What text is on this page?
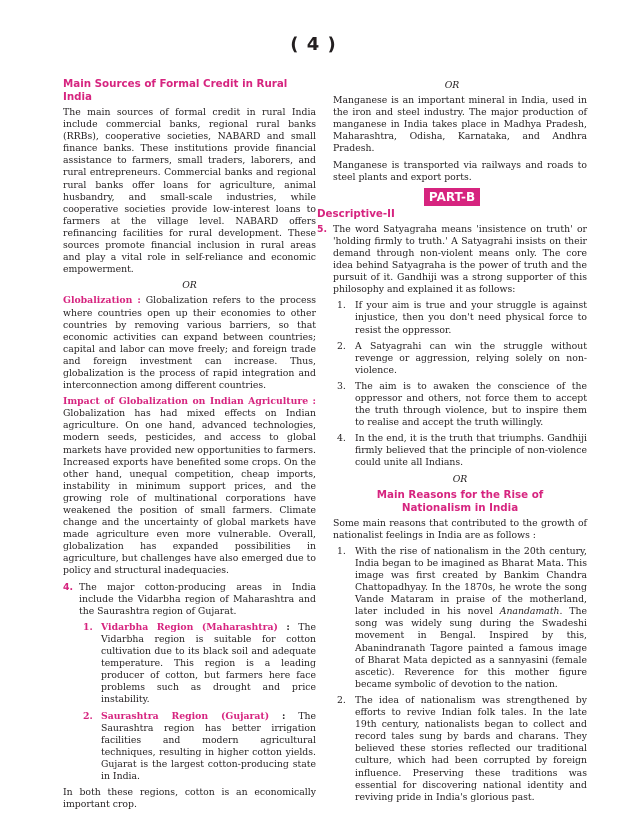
( 4 )
Main Sources of Formal Credit in Rural India

The main sources of formal credit in rural India include commercial banks, regional rural banks (RRBs), cooperative societies, NABARD and small finance banks. These institutions provide financial assistance to farmers, small traders, laborers, and rural entrepreneurs. Commercial banks and regional rural banks offer loans for agriculture, animal husbandry, and small-scale industries, while cooperative societies provide low-interest loans to farmers at the village level. NABARD offers refinancing facilities for rural development. These sources promote financial inclusion in rural areas and play a vital role in self-reliance and economic empowerment.

OR

Globalization : Globalization refers to the process where countries open up their economies to other countries by removing various barriers, so that economic activities can expand between countries; capital and labor can move freely; and foreign trade and foreign investment can increase. Thus, globalization is the process of rapid integration and interconnection among different countries.

Impact of Globalization on Indian Agriculture : Globalization has had mixed effects on Indian agriculture. On one hand, advanced technologies, modern seeds, pesticides, and access to global markets have provided new opportunities to farmers. Increased exports have benefited some crops. On the other hand, unequal competition, cheap imports, instability in minimum support prices, and the growing role of multinational corporations have weakened the position of small farmers. Climate change and the uncertainty of global markets have made agriculture even more vulnerable. Overall, globalization has expanded possibilities in agriculture, but challenges have also emerged due to policy and structural inadequacies.

4. The major cotton-producing areas in India include the Vidarbha region of Maharashtra and the Saurashtra region of Gujarat.

1. Vidarbha Region (Maharashtra) : The Vidarbha region is suitable for cotton cultivation due to its black soil and adequate temperature. This region is a leading producer of cotton, but farmers here face problems such as drought and price instability.
2. Saurashtra Region (Gujarat) : The Saurashtra region has better irrigation facilities and modern agricultural techniques, resulting in higher cotton yields. Gujarat is the largest cotton-producing state in India.

In both these regions, cotton is an economically important crop.

OR

Manganese is an important mineral in India, used in the iron and steel industry. The major production of manganese in India takes place in Madhya Pradesh, Maharashtra, Odisha, Karnataka, and Andhra Pradesh.

Manganese is transported via railways and roads to steel plants and export ports.

PART-B
Descriptive-II
5. The word Satyagraha means 'insistence on truth' or 'holding firmly to truth.' A Satyagrahi insists on their demand through non-violent means only. The core idea behind Satyagraha is the power of truth and the pursuit of it. Gandhiji was a strong supporter of this philosophy and explained it as follows:

1. If your aim is true and your struggle is against injustice, then you don't need physical force to resist the oppressor.
2. A Satyagrahi can win the struggle without revenge or aggression, relying solely on non-violence.
3. The aim is to awaken the conscience of the oppressor and others, not force them to accept the truth through violence, but to inspire them to realise and accept the truth willingly.
4. In the end, it is the truth that triumphs. Gandhiji firmly believed that the principle of non-violence could unite all Indians.
OR
Main Reasons for the Rise of
Nationalism in India

Some main reasons that contributed to the growth of nationalist feelings in India are as follows :

1. With the rise of nationalism in the 20th century, India began to be imagined as Bharat Mata. This image was first created by Bankim Chandra Chattopadhyay. In the 1870s, he wrote the song Vande Mataram in praise of the motherland, later included in his novel Anandamath. The song was widely sung during the Swadeshi movement in Bengal. Inspired by this, Abanindranath Tagore painted a famous image of Bharat Mata depicted as a sannyasini (female ascetic). Reverence for this mother figure became symbolic of devotion to the nation.
2. The idea of nationalism was strengthened by efforts to revive Indian folk tales. In the late 19th century, nationalists began to collect and record tales sung by bards and charans. They believed these stories reflected our traditional culture, which had been corrupted by foreign influence. Preserving these traditions was essential for discovering national identity and reviving pride in India's glorious past.
